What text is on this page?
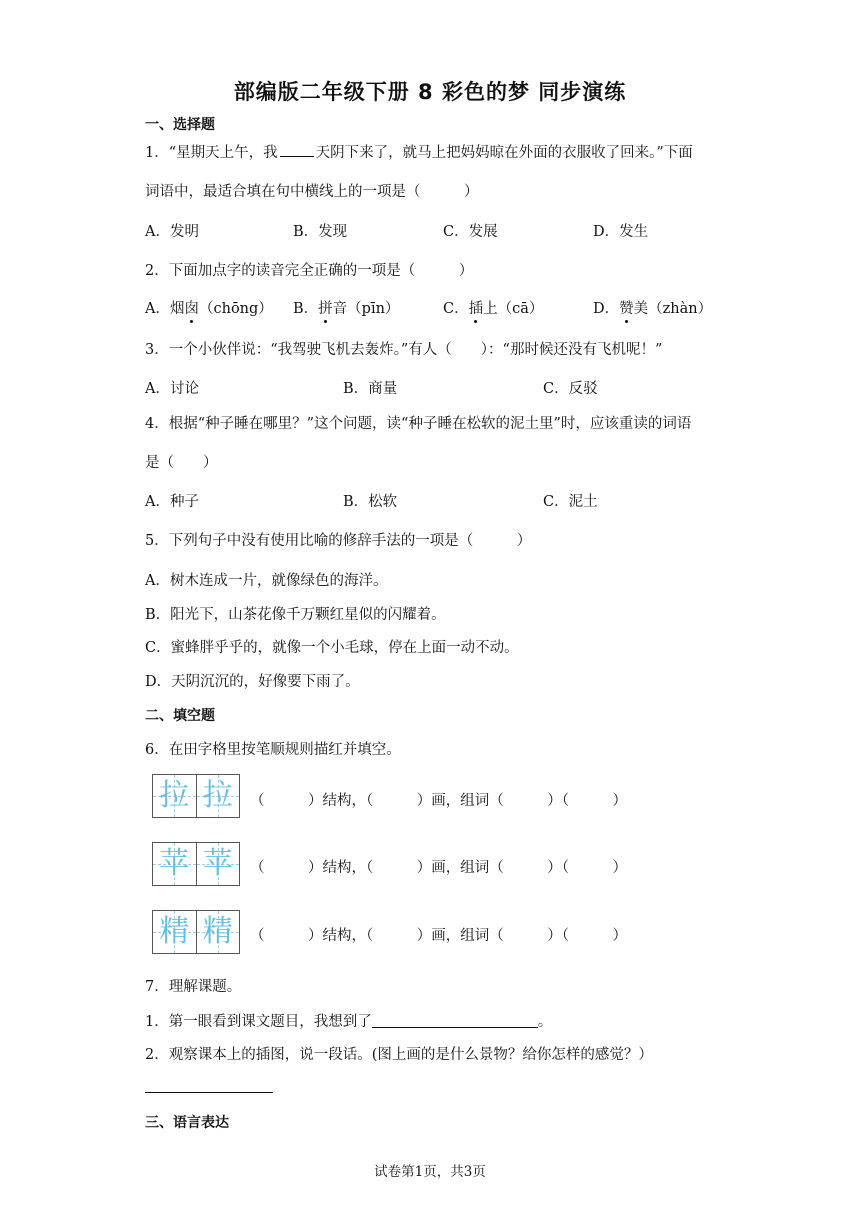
部编版二年级下册 8 彩色的梦 同步演练
一、选择题
1．“星期天上午，我	天阴下来了，就马上把妈妈晾在外面的衣服收了回来。”下面
词语中，最适合填在句中横线上的一项是（　　　）
A．发明	B．发现	C．发展	D．发生
2．下面加点字的读音完全正确的一项是（　　　）
A．烟囱（chōng） B．拼音（pīn）	C．插上（cā）	D．赞美（zhàn）
3．一个小伙伴说：“我驾驶飞机去轰炸。”有人（　　）：“那时候还没有飞机呢！”
A．讨论	B．商量	C．反驳
4．根据“种子睡在哪里？”这个问题，读“种子睡在松软的泥土里”时，应该重读的词语
是（　　）
A．种子	B．松软	C．泥土
5．下列句子中没有使用比喻的修辞手法的一项是（　　　）
A．树木连成一片，就像绿色的海洋。
B．阳光下，山茶花像千万颗红星似的闪耀着。
C．蜜蜂胖乎乎的，就像一个小毛球，停在上面一动不动。
D．天阴沉沉的，好像要下雨了。
二、填空题
6．在田字格里按笔顺规则描红并填空。
拉 拉	（　　　）结构，（　　　）画，组词（　　　）（　　　）
苹 苹	（　　　）结构，（　　　）画，组词（　　　）（　　　）
精 精	（　　　）结构，（　　　）画，组词（　　　）（　　　）
7．理解课题。
1．第一眼看到课文题目，我想到了	。
2．观察课本上的插图，说一段话。(图上画的是什么景物？给你怎样的感觉？）
三、语言表达
试卷第1页，共3页
